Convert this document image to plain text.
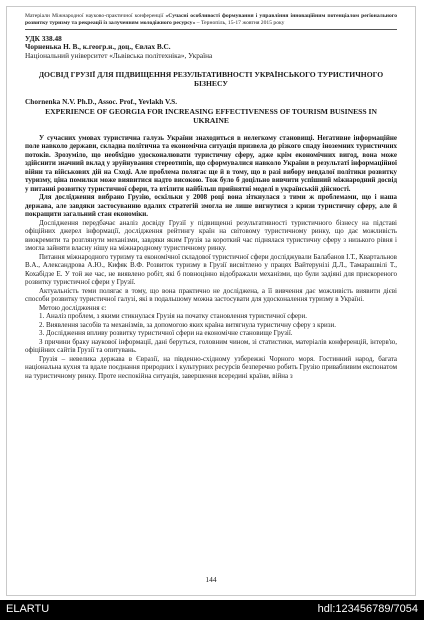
Матеріали Міжнародної науково-практичної конференції «Сучасні особливості формування і управління інноваційним потенціалом регіонального розвитку туризму та рекреації із залученням молодіжного ресурсу» – Тернопіль, 15-17 жовтня 2015 року

УДК 338.48

Чорненька Н. В., к.геогр.н., доц., Євлах В.С.

Національний університет «Львівська політехніка», Україна

ДОСВІД ГРУЗІЇ ДЛЯ ПІДВИЩЕННЯ РЕЗУЛЬТАТИВНОСТІ УКРАЇНСЬКОГО ТУРИСТИЧНОГО БІЗНЕСУ

Chornenka N.V. Ph.D., Assoc. Prof., Yevlakh V.S.

EXPERIENCE OF GEORGIA FOR INCREASING EFFECTIVENESS OF TOURISM BUSINESS IN UKRAINE

У сучасних умовах туристична галузь України знаходиться в нелегкому становищі. Негативне інформаційне поле навколо держави, складна політична та економічна ситуація призвела до різкого спаду іноземних туристичних потоків. Зрозуміло, що необхідно удосконалювати туристичну сферу, адже крім економічних вигод, вона може здійснити значний вклад у зруйнування стереотипів, що сформувалися навколо України в результаті інформаційної війни та військових дій на Сході. Але проблема полягає ще й в тому, що в разі вибору невдалої політики розвитку туризму, ціна помилки може виявитися надто високою. Тож було б доцільно вивчити успішний міжнародний досвід у питанні розвитку туристичної сфери, та втілити найбільш прийнятні моделі в українській дійсності.

Для дослідження вибрано Грузію, оскільки у 2008 році вона зіткнулася з тими ж проблемами, що і наша держава, але завдяки застосуванню вдалих стратегій змогла не лише вигнутися з кризи туристичну сферу, але й покращити загальний стан економіки.

Дослідження передбачає аналіз досвіду Грузії у підвищенні результативності туристичного бізнесу на підставі офіційних джерел інформації, дослідження рейтингу країн на світовому туристичному ринку, що дає можливість виокремити та розглянути механізми, завдяки яким Грузія за короткий час піднялася туристичну сферу з низького рівня і змогла зайняти власну нішу на міжнародному туристичному ринку.

Питання міжнародного туризму та економічної складової туристичної сфери досліджували Балабанов І.Т., Квартальнов В.А., Александрова А.Ю., Кифяк В.Ф. Розвиток туризму в Грузії висвітлено у працях Вайтерунізі Д.Л., Тамарашвілі Т., Кохабідзе Е. У той же час, не виявлено робіт, які б повноцінно відображали механізми, що були задіяні для прискореного розвитку туристичної сфери у Грузії.

Актуальність теми полягає в тому, що вона практично не досліджена, а її вивчення дає можливість виявити дієві способи розвитку туристичної галузі, які в подальшому можна застосувати для удосконалення туризму в Україні.

Метою дослідження є:

1. Аналіз проблем, з якими стикнулася Грузія на початку становлення туристичної сфери.

2. Виявлення засобів та механізмів, за допомогою яких країна витягнула туристичну сферу з кризи.

3. Дослідження впливу розвитку туристичної сфери на економічне становище Грузії.

З причини браку наукової інформації, дані беруться, головним чином, зі статистики, матеріалів конференцій, інтерв'ю, офіційних сайтів Грузії та опитувань.

Грузія – невелика держава в Євразії, на південно-східному узбережжі Чорного моря. Гостинний народ, багата національна кухня та вдале поєднання природних і культурних ресурсів безперечно робить Грузію привабливим експонатом на туристичному ринку. Проте неспокійна ситуація, завершення всередині країни, війна з

144
ELARTU	hdl:123456789/7054
